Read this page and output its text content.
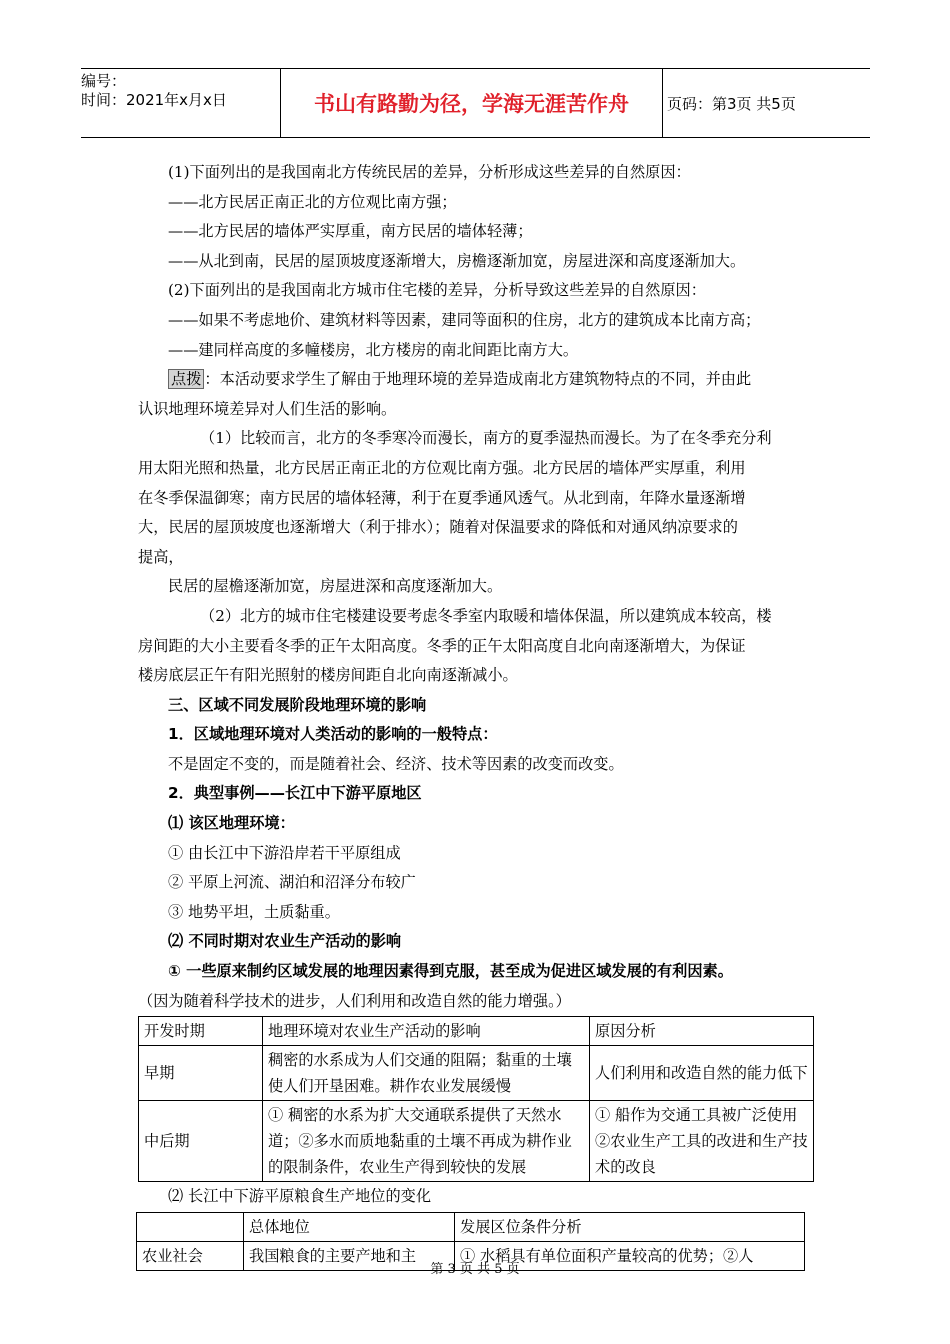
编号：
时间：2021年x月x日	书山有路勤为径，学海无涯苦作舟	页码：第3页 共5页
(1)下面列出的是我国南北方传统民居的差异，分析形成这些差异的自然原因：
——北方民居正南正北的方位观比南方强；
——北方民居的墙体严实厚重，南方民居的墙体轻薄；
——从北到南，民居的屋顶坡度逐渐增大，房檐逐渐加宽，房屋进深和高度逐渐加大。
(2)下面列出的是我国南北方城市住宅楼的差异，分析导致这些差异的自然原因：
——如果不考虑地价、建筑材料等因素，建同等面积的住房，北方的建筑成本比南方高；
——建同样高度的多幢楼房，北方楼房的南北间距比南方大。
点拨 ：本活动要求学生了解由于地理环境的差异造成南北方建筑物特点的不同，并由此
认识地理环境差异对人们生活的影响。
（1）比较而言，北方的冬季寒冷而漫长，南方的夏季湿热而漫长。为了在冬季充分利
用太阳光照和热量，北方民居正南正北的方位观比南方强。北方民居的墙体严实厚重，利用
在冬季保温御寒；南方民居的墙体轻薄，利于在夏季通风透气。从北到南，年降水量逐渐增
大，民居的屋顶坡度也逐渐增大（利于排水）；随着对保温要求的降低和对通风纳凉要求的
提高，
民居的屋檐逐渐加宽，房屋进深和高度逐渐加大。
（2）北方的城市住宅楼建设要考虑冬季室内取暖和墙体保温，所以建筑成本较高，楼
房间距的大小主要看冬季的正午太阳高度。冬季的正午太阳高度自北向南逐渐増大，为保证
楼房底层正午有阳光照射的楼房间距自北向南逐渐减小。
三、区域不同发展阶段地理环境的影响
1．区域地理环境对人类活动的影响的一般特点：
不是固定不变的，而是随着社会、经济、技术等因素的改变而改变。
2．典型事例——长江中下游平原地区
⑴ 该区地理环境：
① 由长江中下游沿岸若干平原组成
② 平原上河流、湖泊和沼泽分布较广
③ 地势平坦，土质黏重。
⑵ 不同时期对农业生产活动的影响
① 一些原来制约区域发展的地理因素得到克服，甚至成为促进区域发展的有利因素。
（因为随着科学技术的进步，人们利用和改造自然的能力增强。）
开发时期	地理环境对农业生产活动的影响	原因分析
早期	稠密的水系成为人们交通的阻隔；黏重的土壤使人们开垦困难。耕作农业发展缓慢	人们利用和改造自然的能力低下
中后期	① 稠密的水系为扩大交通联系提供了天然水道；②多水而质地黏重的土壤不再成为耕作业的限制条件，农业生产得到较快的发展	① 船作为交通工具被广泛使用②农业生产工具的改进和生产技术的改良
⑵ 长江中下游平原粮食生产地位的变化
	总体地位	发展区位条件分析
农业社会	我国粮食的主要产地和主	① 水稻具有单位面积产量较高的优势；②人
第 3 页 共 5 页
